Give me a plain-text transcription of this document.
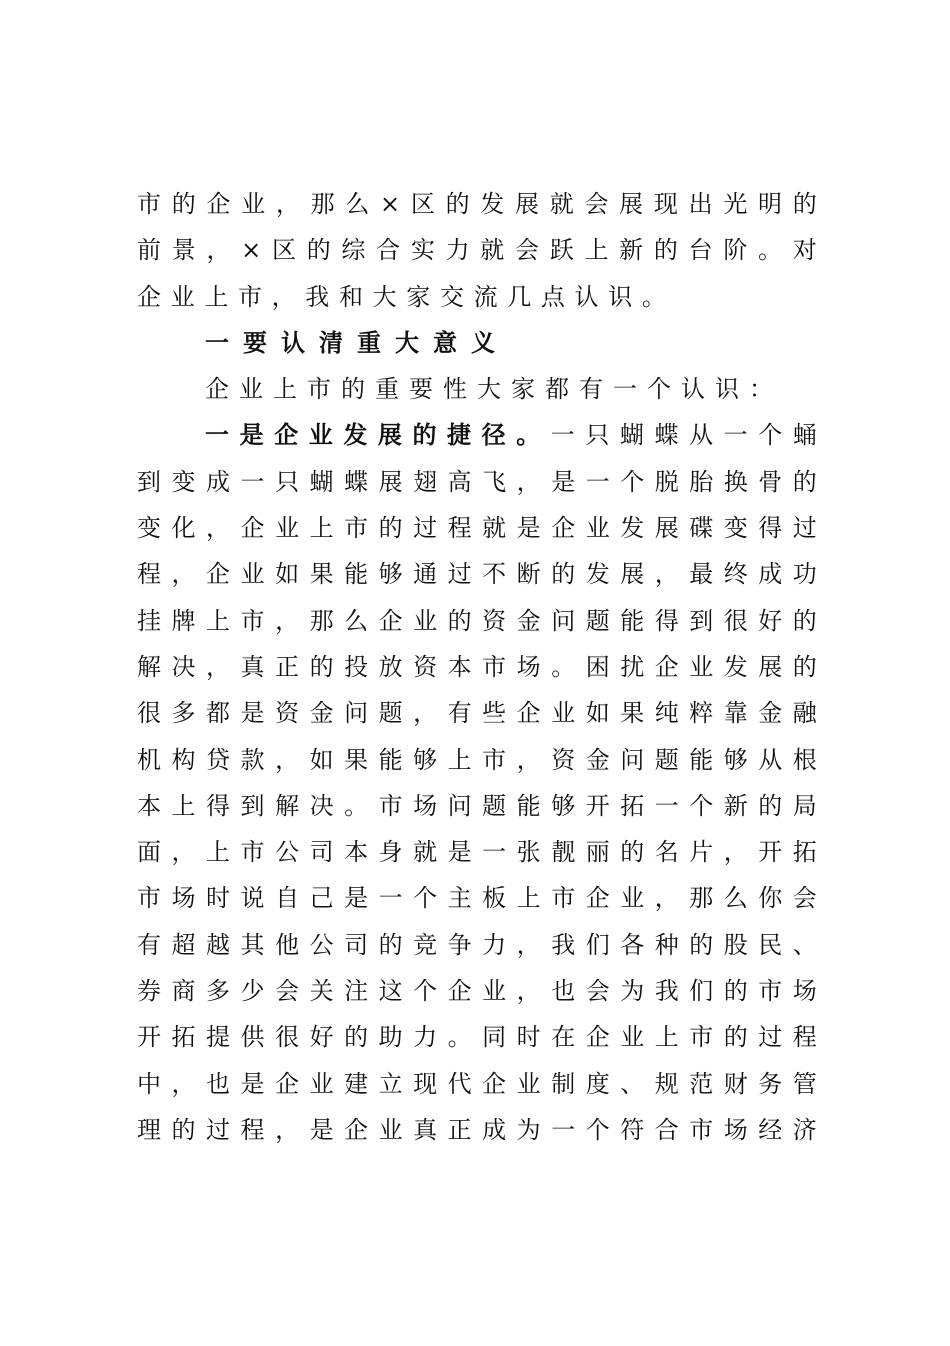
市 的 企 业 ， 那 么 × 区 的 发 展 就 会 展 现 出 光 明 的
前 景 ， × 区 的 综 合 实 力 就 会 跃 上 新 的 台 阶 。 对
企 业 上 市 ， 我 和 大 家 交 流 几 点 认 识 。
一要认清重大意义
企 业 上 市 的 重 要 性 大 家 都 有 一 个 认 识 ：
一 是 企 业 发 展 的 捷 径 。 一 只 蝴 蝶 从 一 个 蛹
到 变 成 一 只 蝴 蝶 展 翅 高 飞 ， 是 一 个 脱 胎 换 骨 的
变 化 ， 企 业 上 市 的 过 程 就 是 企 业 发 展 碟 变 得 过
程 ， 企 业 如 果 能 够 通 过 不 断 的 发 展 ， 最 终 成 功
挂 牌 上 市 ， 那 么 企 业 的 资 金 问 题 能 得 到 很 好 的
解 决 ， 真 正 的 投 放 资 本 市 场 。 困 扰 企 业 发 展 的
很 多 都 是 资 金 问 题 ， 有 些 企 业 如 果 纯 粹 靠 金 融
机 构 贷 款 ， 如 果 能 够 上 市 ， 资 金 问 题 能 够 从 根
本 上 得 到 解 决 。 市 场 问 题 能 够 开 拓 一 个 新 的 局
面 ， 上 市 公 司 本 身 就 是 一 张 靓 丽 的 名 片 ， 开 拓
市 场 时 说 自 己 是 一 个 主 板 上 市 企 业 ， 那 么 你 会
有 超 越 其 他 公 司 的 竞 争 力 ， 我 们 各 种 的 股 民 、
券 商 多 少 会 关 注 这 个 企 业 ， 也 会 为 我 们 的 市 场
开 拓 提 供 很 好 的 助 力 。 同 时 在 企 业 上 市 的 过 程
中 ， 也 是 企 业 建 立 现 代 企 业 制 度 、 规 范 财 务 管
理 的 过 程 ， 是 企 业 真 正 成 为 一 个 符 合 市 场 经 济
